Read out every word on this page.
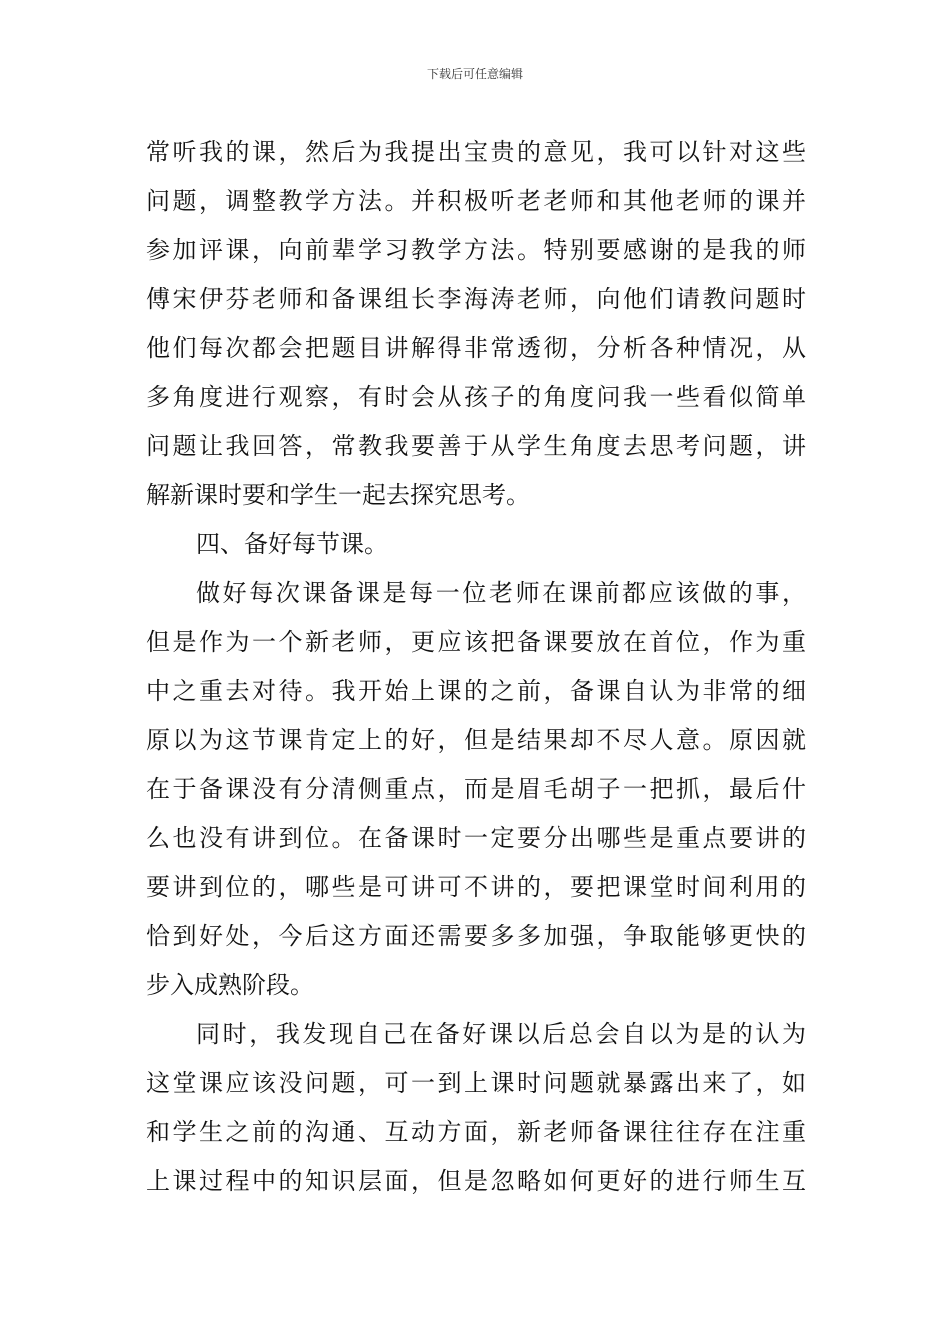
下载后可任意编辑
常听我的课，然后为我提出宝贵的意见，我可以针对这些
问题，调整教学方法。并积极听老老师和其他老师的课并
参加评课，向前辈学习教学方法。特别要感谢的是我的师
傅宋伊芬老师和备课组长李海涛老师，向他们请教问题时
他们每次都会把题目讲解得非常透彻，分析各种情况，从
多角度进行观察，有时会从孩子的角度问我一些看似简单
问题让我回答，常教我要善于从学生角度去思考问题，讲
解新课时要和学生一起去探究思考。
四、备好每节课。
做好每次课备课是每一位老师在课前都应该做的事，
但是作为一个新老师，更应该把备课要放在首位，作为重
中之重去对待。我开始上课的之前，备课自认为非常的细
原以为这节课肯定上的好，但是结果却不尽人意。原因就
在于备课没有分清侧重点，而是眉毛胡子一把抓，最后什
么也没有讲到位。在备课时一定要分出哪些是重点要讲的
要讲到位的，哪些是可讲可不讲的，要把课堂时间利用的
恰到好处，今后这方面还需要多多加强，争取能够更快的
步入成熟阶段。
同时，我发现自己在备好课以后总会自以为是的认为
这堂课应该没问题，可一到上课时问题就暴露出来了，如
和学生之前的沟通、互动方面，新老师备课往往存在注重
上课过程中的知识层面，但是忽略如何更好的进行师生互
